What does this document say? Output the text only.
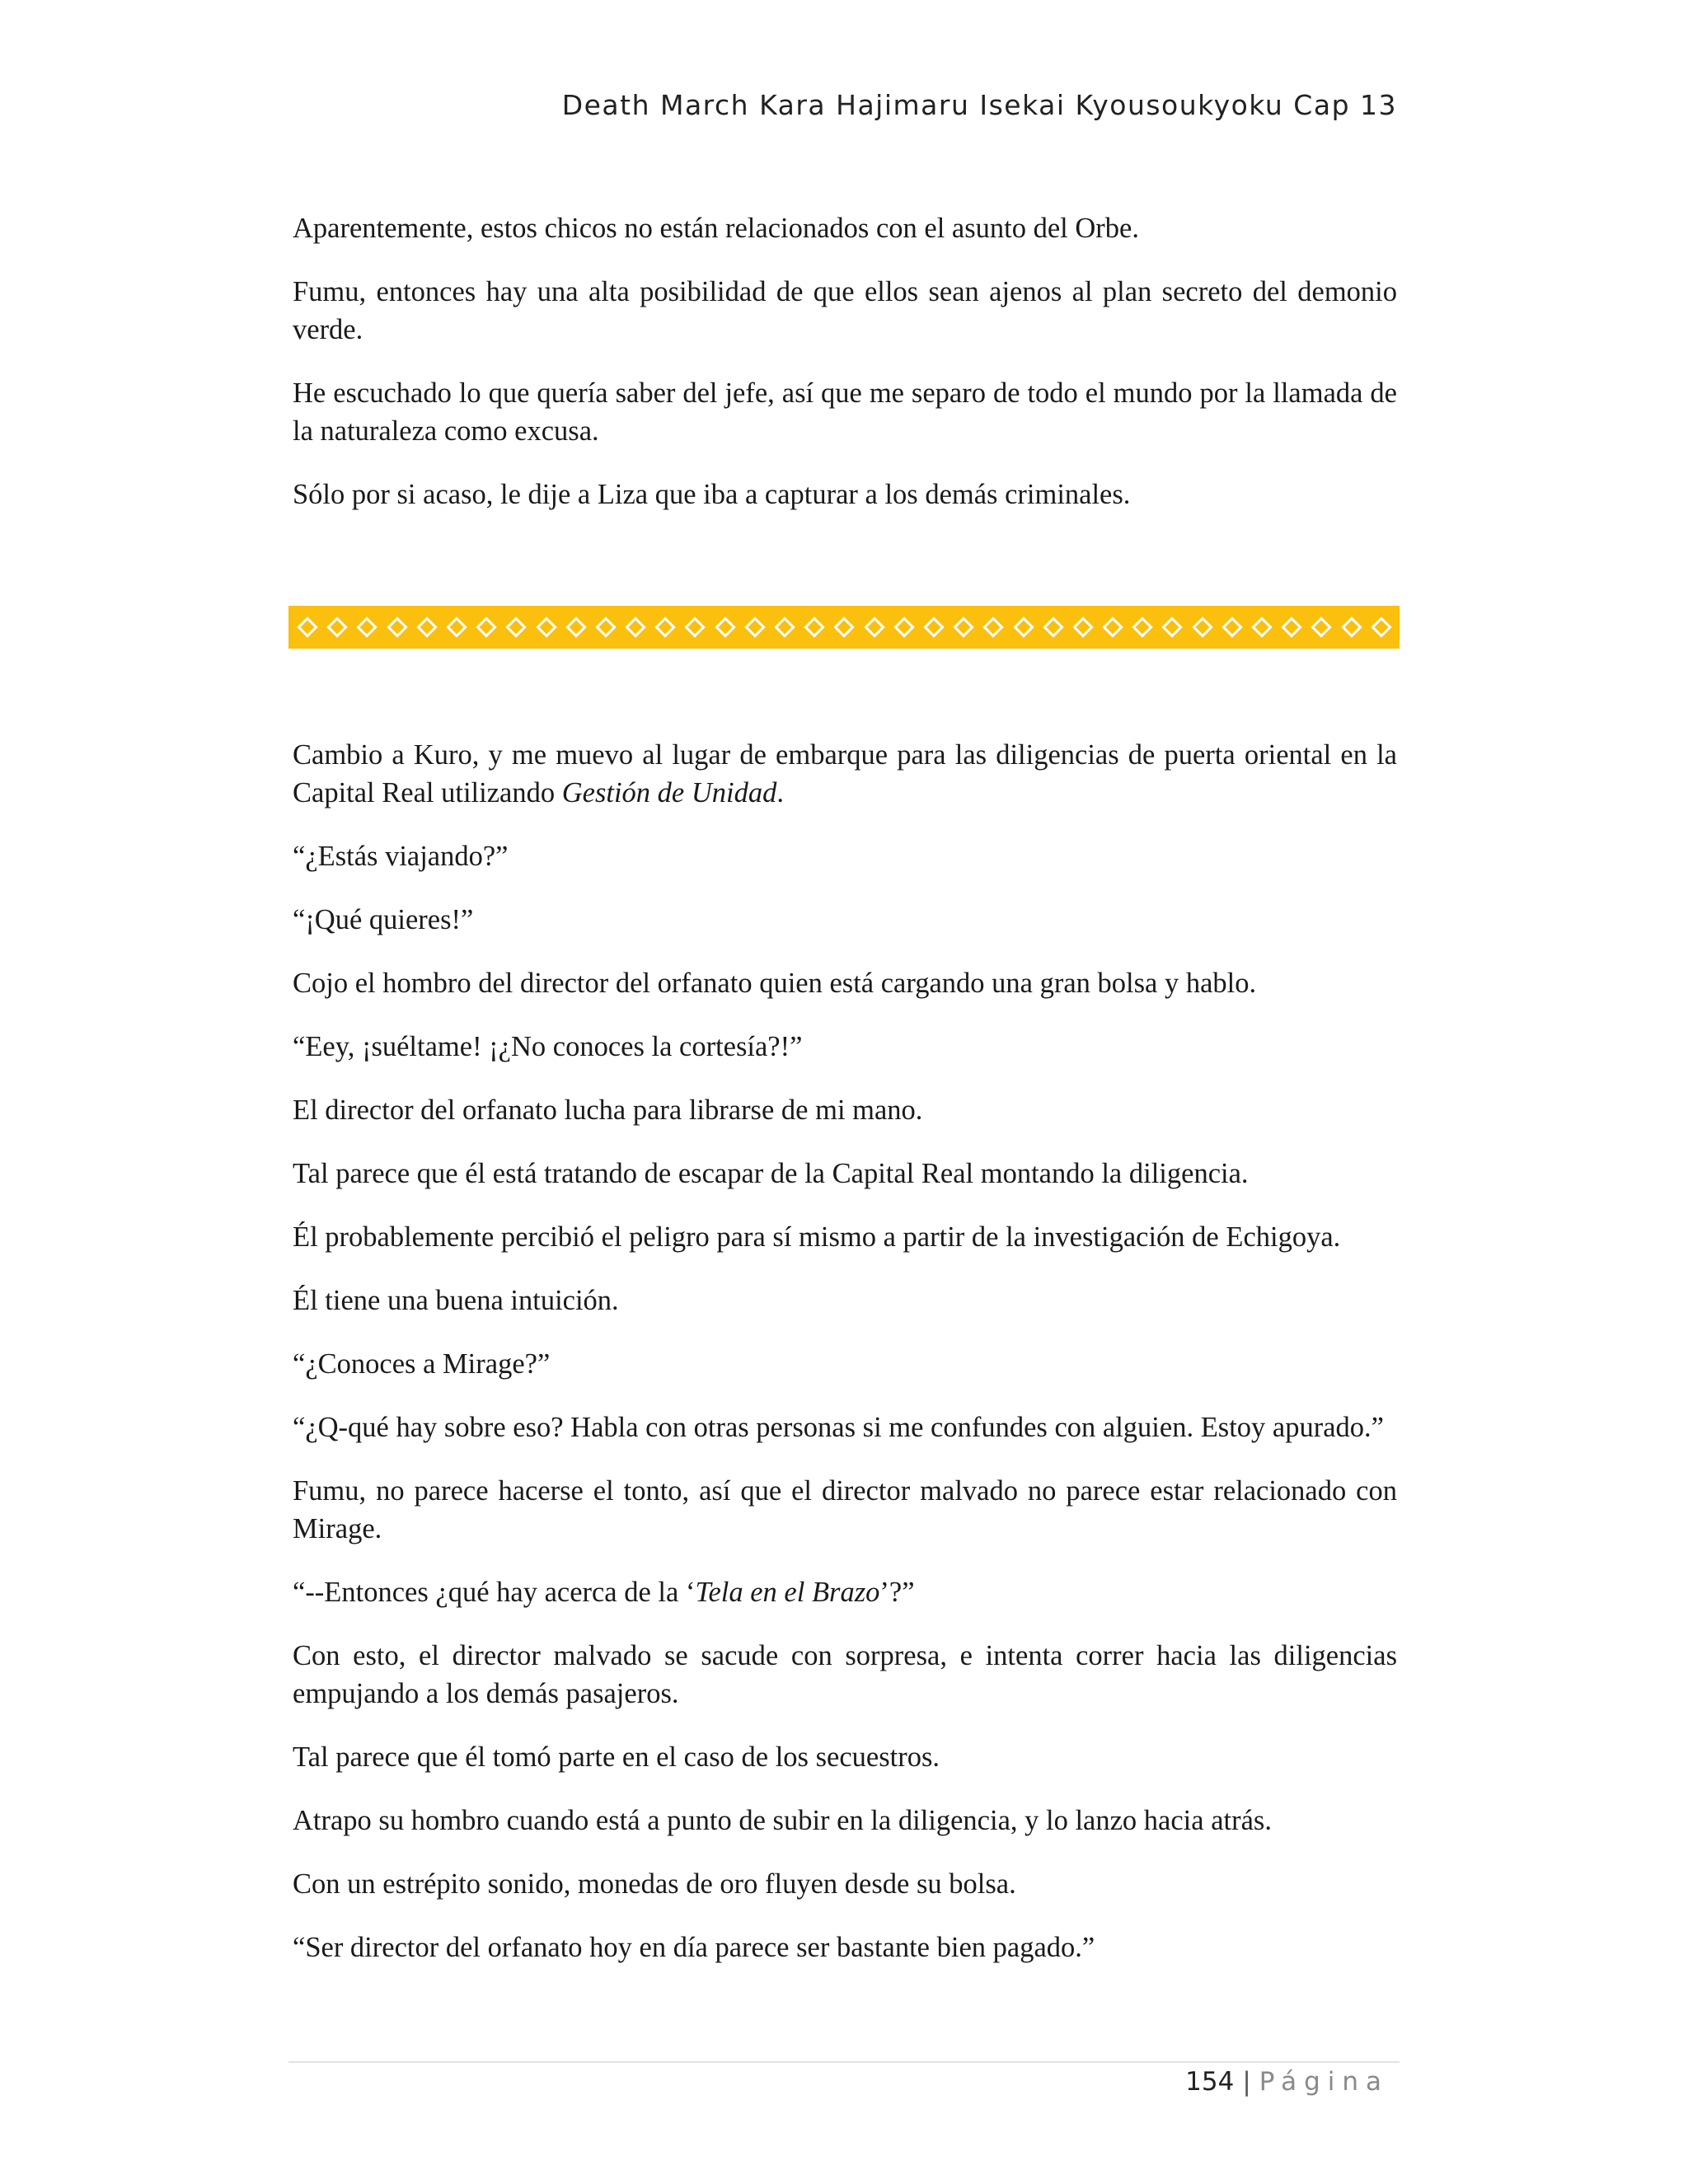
Death March Kara Hajimaru Isekai Kyousoukyoku Cap 13

Aparentemente, estos chicos no están relacionados con el asunto del Orbe.

Fumu, entonces hay una alta posibilidad de que ellos sean ajenos al plan secreto del demonio verde.

He escuchado lo que quería saber del jefe, así que me separo de todo el mundo por la llamada de la naturaleza como excusa.

Sólo por si acaso, le dije a Liza que iba a capturar a los demás criminales.

Cambio a Kuro, y me muevo al lugar de embarque para las diligencias de puerta oriental en la Capital Real utilizando Gestión de Unidad.

“¿Estás viajando?”

“¡Qué quieres!”

Cojo el hombro del director del orfanato quien está cargando una gran bolsa y hablo.

“Eey, ¡suéltame! ¡¿No conoces la cortesía?!”

El director del orfanato lucha para librarse de mi mano.

Tal parece que él está tratando de escapar de la Capital Real montando la diligencia.

Él probablemente percibió el peligro para sí mismo a partir de la investigación de Echigoya.

Él tiene una buena intuición.

“¿Conoces a Mirage?”

“¿Q-qué hay sobre eso? Habla con otras personas si me confundes con alguien. Estoy apurado.”

Fumu, no parece hacerse el tonto, así que el director malvado no parece estar relacionado con Mirage.

“--Entonces ¿qué hay acerca de la ‘Tela en el Brazo’?”

Con esto, el director malvado se sacude con sorpresa, e intenta correr hacia las diligencias empujando a los demás pasajeros.

Tal parece que él tomó parte en el caso de los secuestros.

Atrapo su hombro cuando está a punto de subir en la diligencia, y lo lanzo hacia atrás.

Con un estrépito sonido, monedas de oro fluyen desde su bolsa.

“Ser director del orfanato hoy en día parece ser bastante bien pagado.”

154 | Página
